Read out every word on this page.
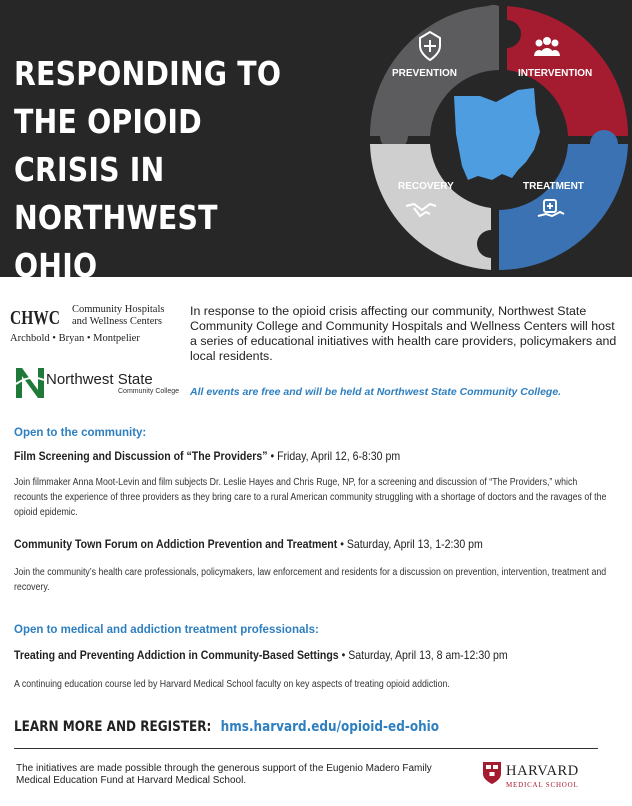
RESPONDING TO THE OPIOID CRISIS IN NORTHWEST OHIO
PREVENTION	INTERVENTION
RECOVERY	TREATMENT
CHWC Community Hospitals
and Wellness Centers
Archbold • Bryan • Montpelier
Northwest State
Community College

In response to the opioid crisis affecting our community, Northwest State Community College and Community Hospitals and Wellness Centers will host a series of educational initiatives with health care providers, policymakers and local residents.

All events are free and will be held at Northwest State Community College.

Open to the community:

Film Screening and Discussion of “The Providers” • Friday, April 12, 6-8:30 pm

Join filmmaker Anna Moot-Levin and film subjects Dr. Leslie Hayes and Chris Ruge, NP, for a screening and discussion of “The Providers,” which recounts the experience of three providers as they bring care to a rural American community struggling with a shortage of doctors and the ravages of the opioid epidemic.

Community Town Forum on Addiction Prevention and Treatment • Saturday, April 13, 1-2:30 pm

Join the community’s health care professionals, policymakers, law enforcement and residents for a discussion on prevention, intervention, treatment and recovery.

Open to medical and addiction treatment professionals:

Treating and Preventing Addiction in Community-Based Settings • Saturday, April 13, 8 am-12:30 pm

A continuing education course led by Harvard Medical School faculty on key aspects of treating opioid addiction.

LEARN MORE AND REGISTER: hms.harvard.edu/opioid-ed-ohio

The initiatives are made possible through the generous support of the Eugenio Madero Family Medical Education Fund at Harvard Medical School.

HARVARD
MEDICAL SCHOOL
